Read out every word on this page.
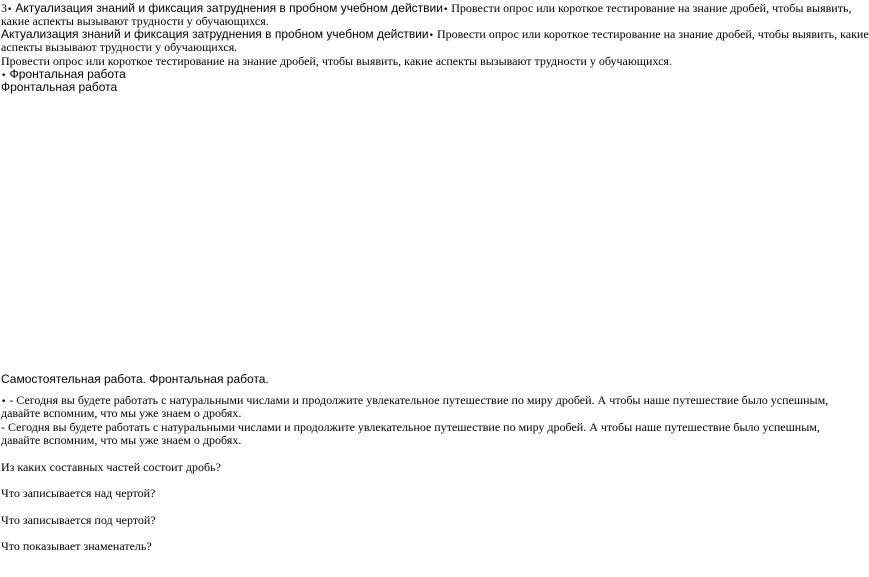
3• Актуализация знаний и фиксация затруднения в пробном учебном действии• Провести опрос или короткое тестирование на знание дробей, чтобы выявить,
какие аспекты вызывают трудности у обучающихся.
Актуализация знаний и фиксация затруднения в пробном учебном действии• Провести опрос или короткое тестирование на знание дробей, чтобы выявить, какие
аспекты вызывают трудности у обучающихся.
Провести опрос или короткое тестирование на знание дробей, чтобы выявить, какие аспекты вызывают трудности у обучающихся.
• Фронтальная работа
Фронтальная работа
Самостоятельная работа. Фронтальная работа.
• - Сегодня вы будете работать с натуральными числами и продолжите увлекательное путешествие по миру дробей. А чтобы наше путешествие было успешным,
давайте вспомним, что мы уже знаем о дробях.
- Сегодня вы будете работать с натуральными числами и продолжите увлекательное путешествие по миру дробей. А чтобы наше путешествие было успешным,
давайте вспомним, что мы уже знаем о дробях.
Из каких составных частей состоит дробь?
Что записывается над чертой?
Что записывается под чертой?
Что показывает знаменатель?
